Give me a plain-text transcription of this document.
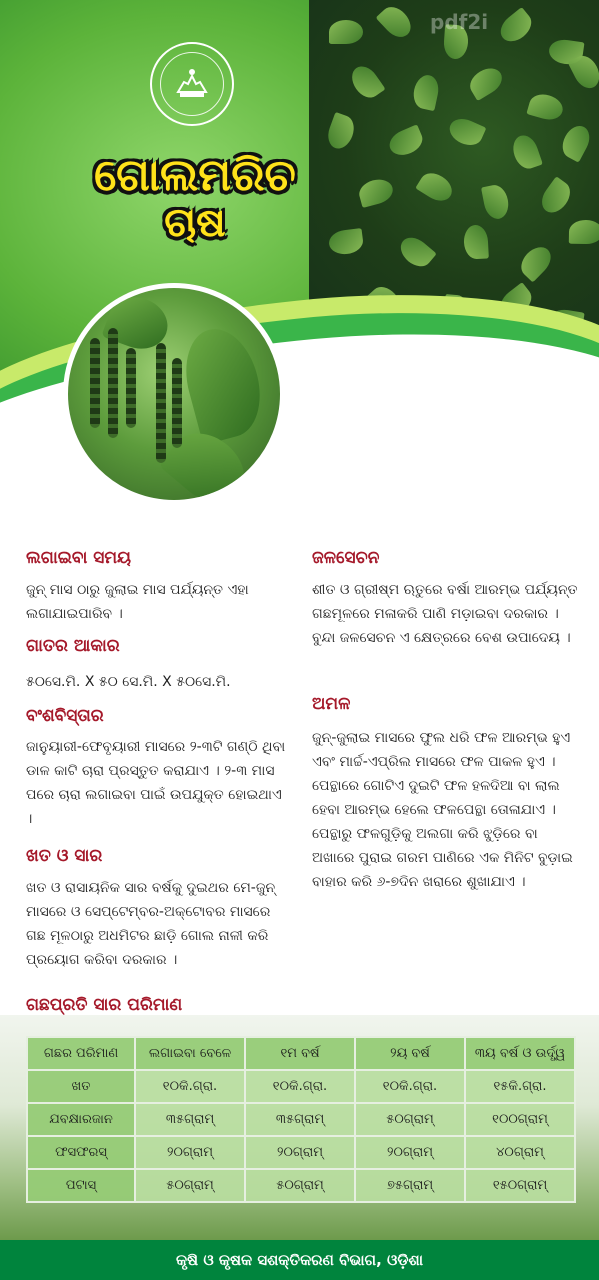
pdf2i
ଗୋଲମରିଚ
ଚାଷ
ଲଗାଇବା ସମୟ
ଜୁନ୍ ମାସ ଠାରୁ ଜୁଲାଇ ମାସ ପର୍ଯ୍ୟନ୍ତ ଏହା ଲଗାଯାଇପାରିବ ।
ଗାତର ଆକାର
୫୦ସେ.ମି. X ୫୦ ସେ.ମି. X ୫୦ସେ.ମି.
ବଂଶବିସ୍ତାର
ଜାନୁୟାରୀ-ଫେବୃୟାରୀ ମାସରେ ୨-୩ଟି ଗଣ୍ଠି ଥିବା ଡାଳ କାଟି ଚାରା ପ୍ରସ୍ତୁତ କରାଯାଏ । ୨-୩ ମାସ ପରେ ଚାରା ଲଗାଇବା ପାଇଁ ଉପଯୁକ୍ତ ହୋଇଥାଏ ।
ଖତ ଓ ସାର
ଖତ ଓ ରାସାୟନିକ ସାର ବର୍ଷକୁ ଦୁଇଥର ମେ-ଜୁନ୍ ମାସରେ ଓ ସେପ୍ଟେମ୍ବର-ଅକ୍ଟୋବର ମାସରେ ଗଛ ମୂଳଠାରୁ ଅଧମିଟର ଛାଡ଼ି ଗୋଲ ନାଳୀ କରି ପ୍ରୟୋଗ କରିବା ଦରକାର ।
ଜଳସେଚନ
ଶୀତ ଓ ଗ୍ରୀଷ୍ମ ଋତୁରେ ବର୍ଷା ଆରମ୍ଭ ପର୍ଯ୍ୟନ୍ତ ଗଛମୂଳରେ ମଳାକରି ପାଣି ମଡ଼ାଇବା ଦରକାର । ବୁନ୍ଦା ଜଳସେଚନ ଏ କ୍ଷେତ୍ରରେ ବେଶ ଉପାଦେୟ ।
ଅମଳ
ଜୁନ୍-ଜୁଲାଇ ମାସରେ ଫୁଲ ଧରି ଫଳ ଆରମ୍ଭ ହୁଏ ଏବଂ ମାର୍ଚ୍ଚ-ଏପ୍ରିଲ ମାସରେ ଫଳ ପାକଳ ହୁଏ । ପେନ୍ଥାରେ ଗୋଟିଏ ଦୁଇଟି ଫଳ ହଳଦିଆ ବା ଲାଲ ହେବା ଆରମ୍ଭ ହେଲେ ଫଳପେନ୍ଥା ତୋଳାଯାଏ । ପେନ୍ଥାରୁ ଫଳଗୁଡ଼ିକୁ ଅଲଗା କରି ଝୁଡ଼ିରେ ବା ଅଖାରେ ପୁରାଇ ଗରମ ପାଣିରେ ଏକ ମିନିଟ ବୁଡ଼ାଇ ବାହାର କରି ୬-୭ଦିନ ଖରାରେ ଶୁଖାଯାଏ ।
ଗଛପ୍ରତି ସାର ପରିମାଣ
ଗଛର ପରିମାଣ	ଲଗାଇବା ବେଳେ	୧ମ ବର୍ଷ	୨ୟ ବର୍ଷ	୩ୟ ବର୍ଷ ଓ ଉର୍ଦ୍ଧ୍ୱ
ଖତ	୧୦କି.ଗ୍ରା.	୧୦କି.ଗ୍ରା.	୧୦କି.ଗ୍ରା.	୧୫କି.ଗ୍ରା.
ଯବକ୍ଷାରଜାନ	୩୫ଗ୍ରାମ୍	୩୫ଗ୍ରାମ୍	୫୦ଗ୍ରାମ୍	୧୦୦ଗ୍ରାମ୍
ଫସଫରସ୍	୨୦ଗ୍ରାମ୍	୨୦ଗ୍ରାମ୍	୨୦ଗ୍ରାମ୍	୪୦ଗ୍ରାମ୍
ପଟାସ୍	୫୦ଗ୍ରାମ୍	୫୦ଗ୍ରାମ୍	୭୫ଗ୍ରାମ୍	୧୫୦ଗ୍ରାମ୍
କୃଷି ଓ କୃଷକ ସଶକ୍ତିକରଣ ବିଭାଗ, ଓଡ଼ିଶା
